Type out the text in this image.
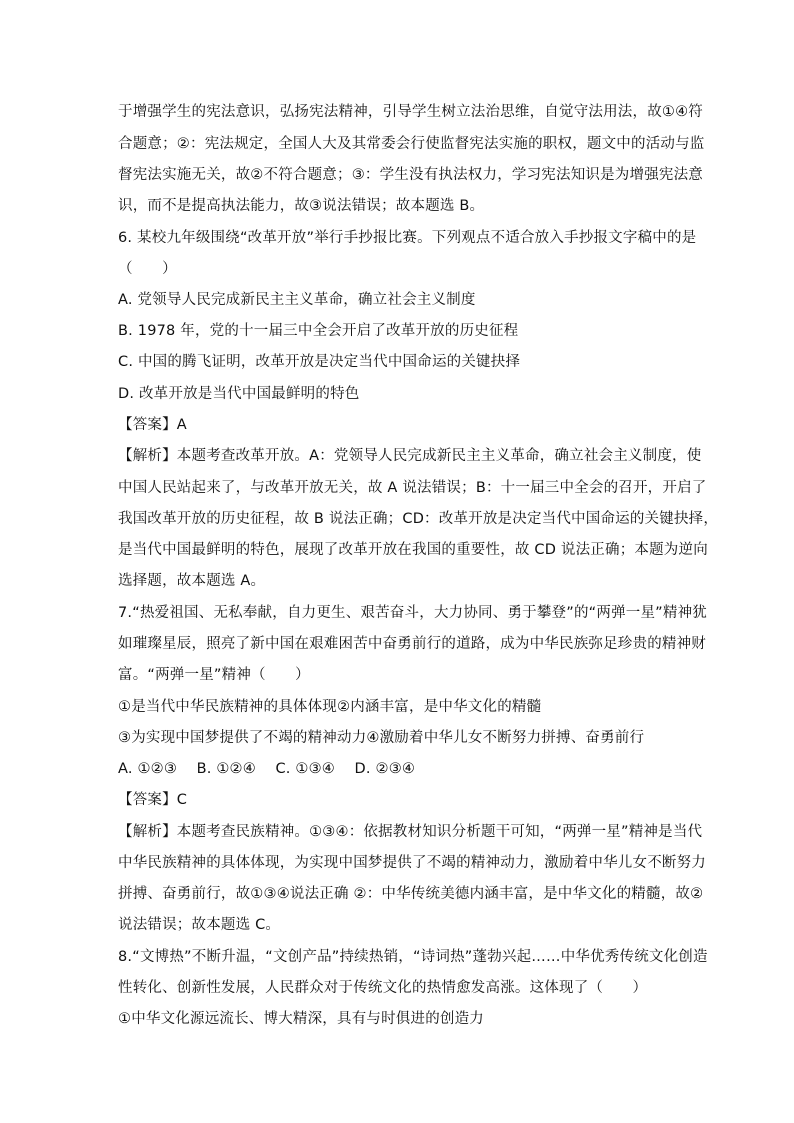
于增强学生的宪法意识，弘扬宪法精神，引导学生树立法治思维，自觉守法用法，故①④符
合题意；②：宪法规定，全国人大及其常委会行使监督宪法实施的职权，题文中的活动与监
督宪法实施无关，故②不符合题意；③：学生没有执法权力，学习宪法知识是为增强宪法意
识，而不是提高执法能力，故③说法错误；故本题选 B。
6. 某校九年级围绕“改革开放”举行手抄报比赛。下列观点不适合放入手抄报文字稿中的是
（　　）
A. 党领导人民完成新民主主义革命，确立社会主义制度
B. 1978 年，党的十一届三中全会开启了改革开放的历史征程
C. 中国的腾飞证明，改革开放是决定当代中国命运的关键抉择
D. 改革开放是当代中国最鲜明的特色
【答案】A
【解析】本题考查改革开放。A：党领导人民完成新民主主义革命，确立社会主义制度，使
中国人民站起来了，与改革开放无关，故 A 说法错误；B：十一届三中全会的召开，开启了
我国改革开放的历史征程，故 B 说法正确；CD：改革开放是决定当代中国命运的关键抉择，
是当代中国最鲜明的特色，展现了改革开放在我国的重要性，故 CD 说法正确；本题为逆向
选择题，故本题选 A。
7.“热爱祖国、无私奉献，自力更生、艰苦奋斗，大力协同、勇于攀登”的“两弹一星”精神犹
如璀璨星辰，照亮了新中国在艰难困苦中奋勇前行的道路，成为中华民族弥足珍贵的精神财
富。“两弹一星”精神（　　）
①是当代中华民族精神的具体体现②内涵丰富，是中华文化的精髓
③为实现中国梦提供了不竭的精神动力④激励着中华儿女不断努力拼搏、奋勇前行
A. ①②③　 B. ①②④　 C. ①③④　 D. ②③④
【答案】C
【解析】本题考查民族精神。①③④：依据教材知识分析题干可知，“两弹一星”精神是当代
中华民族精神的具体体现，为实现中国梦提供了不竭的精神动力，激励着中华儿女不断努力
拼搏、奋勇前行，故①③④说法正确 ②：中华传统美德内涵丰富，是中华文化的精髓，故②
说法错误；故本题选 C。
8.“文博热”不断升温，“文创产品”持续热销，“诗词热”蓬勃兴起……中华优秀传统文化创造
性转化、创新性发展，人民群众对于传统文化的热情愈发高涨。这体现了（　　）
①中华文化源远流长、博大精深，具有与时俱进的创造力
